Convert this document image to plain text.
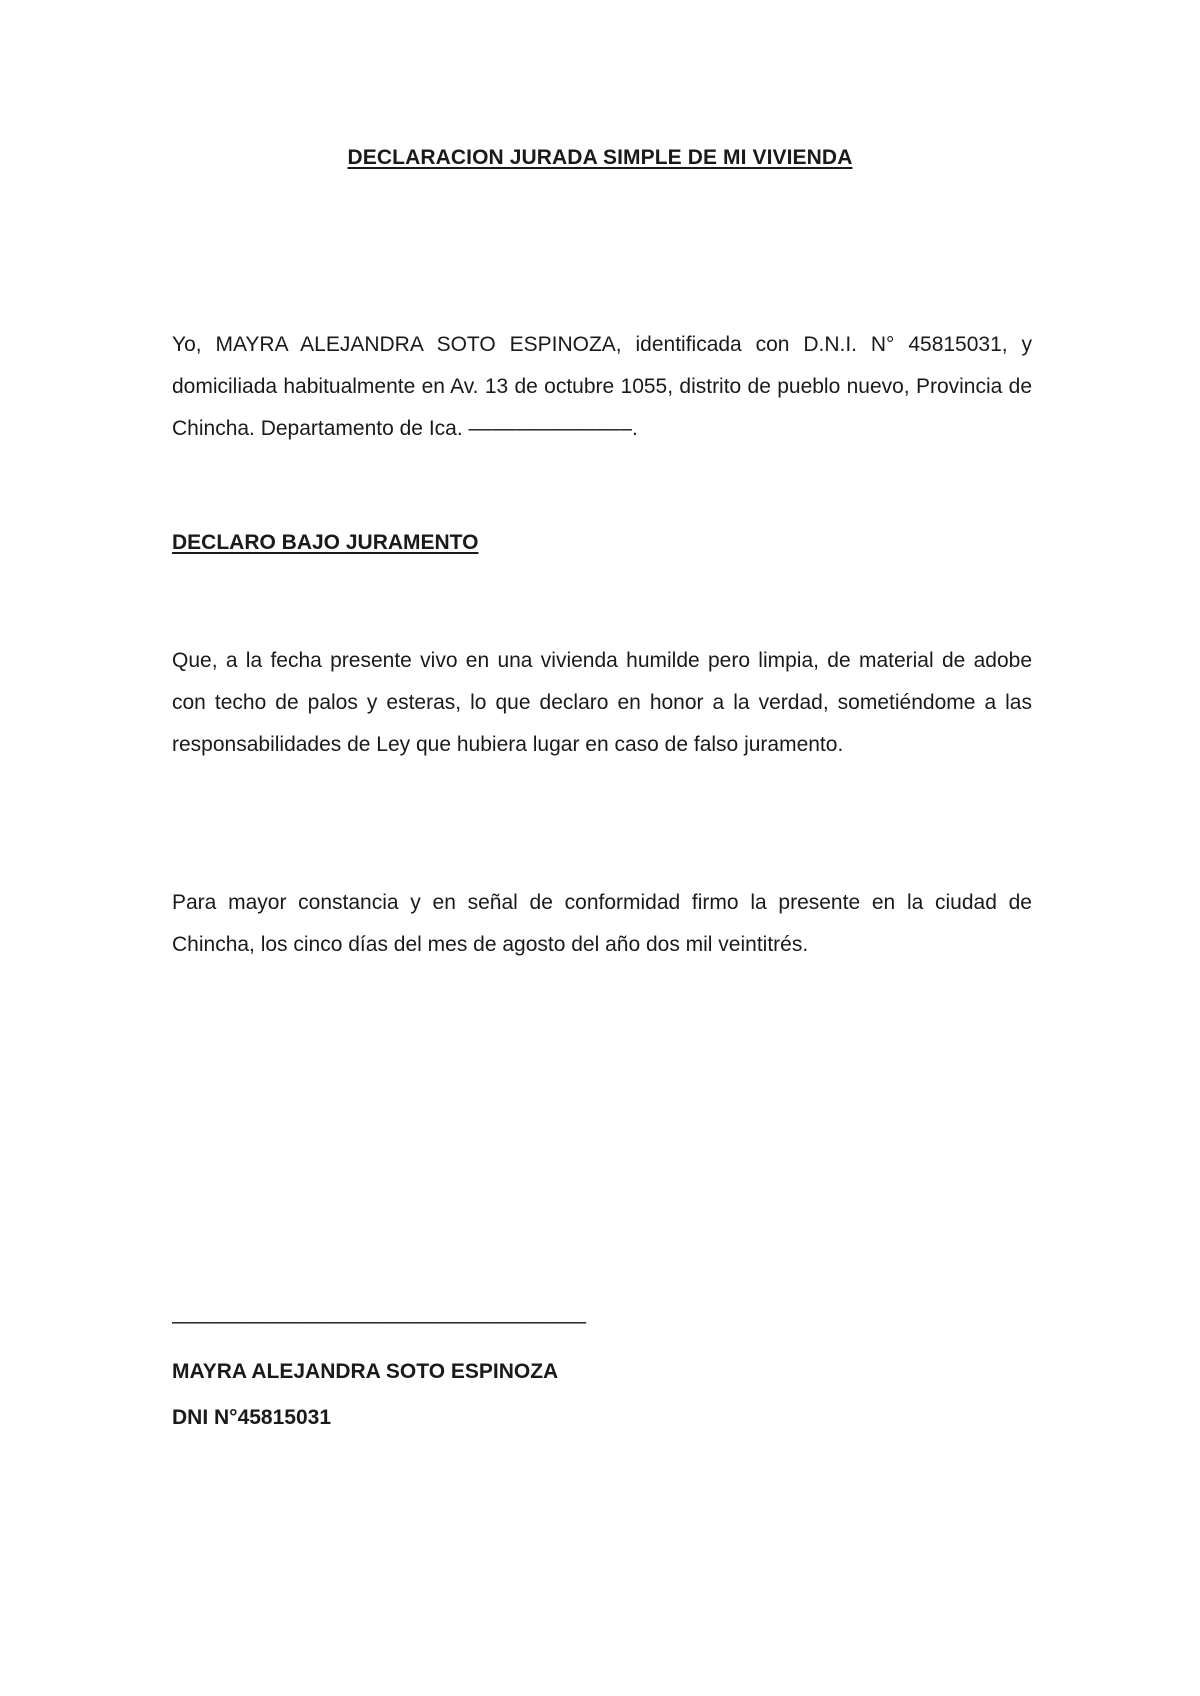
DECLARACION JURADA SIMPLE DE MI VIVIENDA

Yo, MAYRA ALEJANDRA SOTO ESPINOZA, identificada con D.N.I. N° 45815031, y domiciliada habitualmente en Av. 13 de octubre 1055, distrito de pueblo nuevo, Provincia de Chincha. Departamento de Ica. ––––––––––––––.

DECLARO BAJO JURAMENTO

Que, a la fecha presente vivo en una vivienda humilde pero limpia, de material de adobe con techo de palos y esteras, lo que declaro en honor a la verdad, sometiéndome a las responsabilidades de Ley que hubiera lugar en caso de falso juramento.

Para mayor constancia y en señal de conformidad firmo la presente en la ciudad de Chincha, los cinco días del mes de agosto del año dos mil veintitrés.

–––––––––––––––––––––––––––––––––––––
MAYRA ALEJANDRA SOTO ESPINOZA
DNI N°45815031
